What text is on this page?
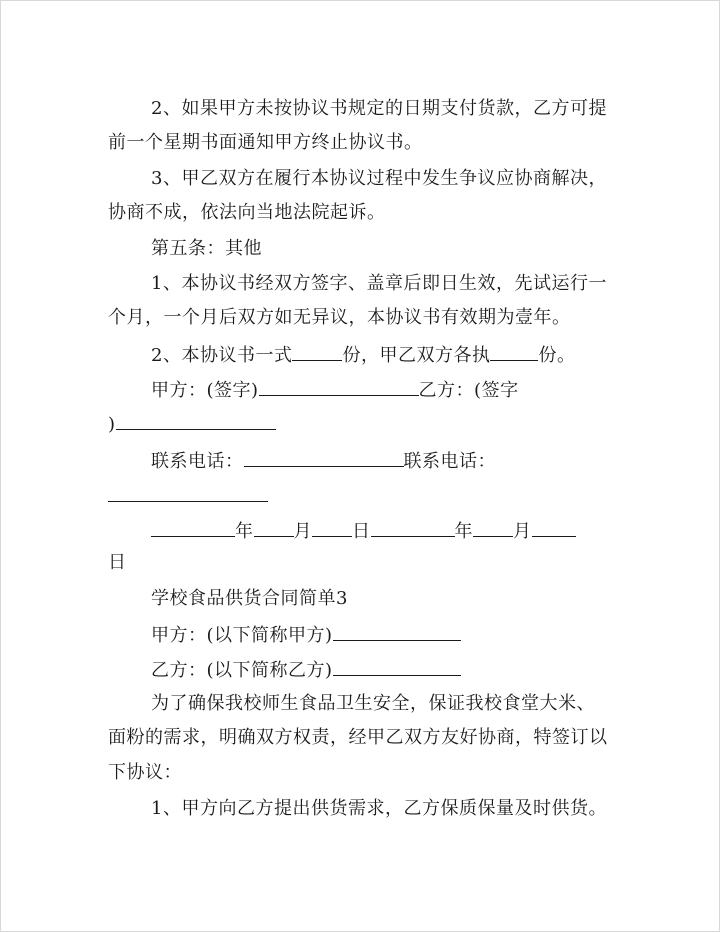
2、如果甲方未按协议书规定的日期支付货款，乙方可提
前一个星期书面通知甲方终止协议书。
3、甲乙双方在履行本协议过程中发生争议应协商解决，
协商不成，依法向当地法院起诉。
第五条：其他
1、本协议书经双方签字、盖章后即日生效，先试运行一
个月，一个月后双方如无异议，本协议书有效期为壹年。
2、本协议书一式	份，甲乙双方各执	份。
甲方：(签字)	乙方：(签字
)
联系电话：	联系电话：
年 月 日	年 月
日
学校食品供货合同简单3
甲方：(以下简称甲方)
乙方：(以下简称乙方)
为了确保我校师生食品卫生安全，保证我校食堂大米、
面粉的需求，明确双方权责，经甲乙双方友好协商，特签订以
下协议：
1、甲方向乙方提出供货需求，乙方保质保量及时供货。
